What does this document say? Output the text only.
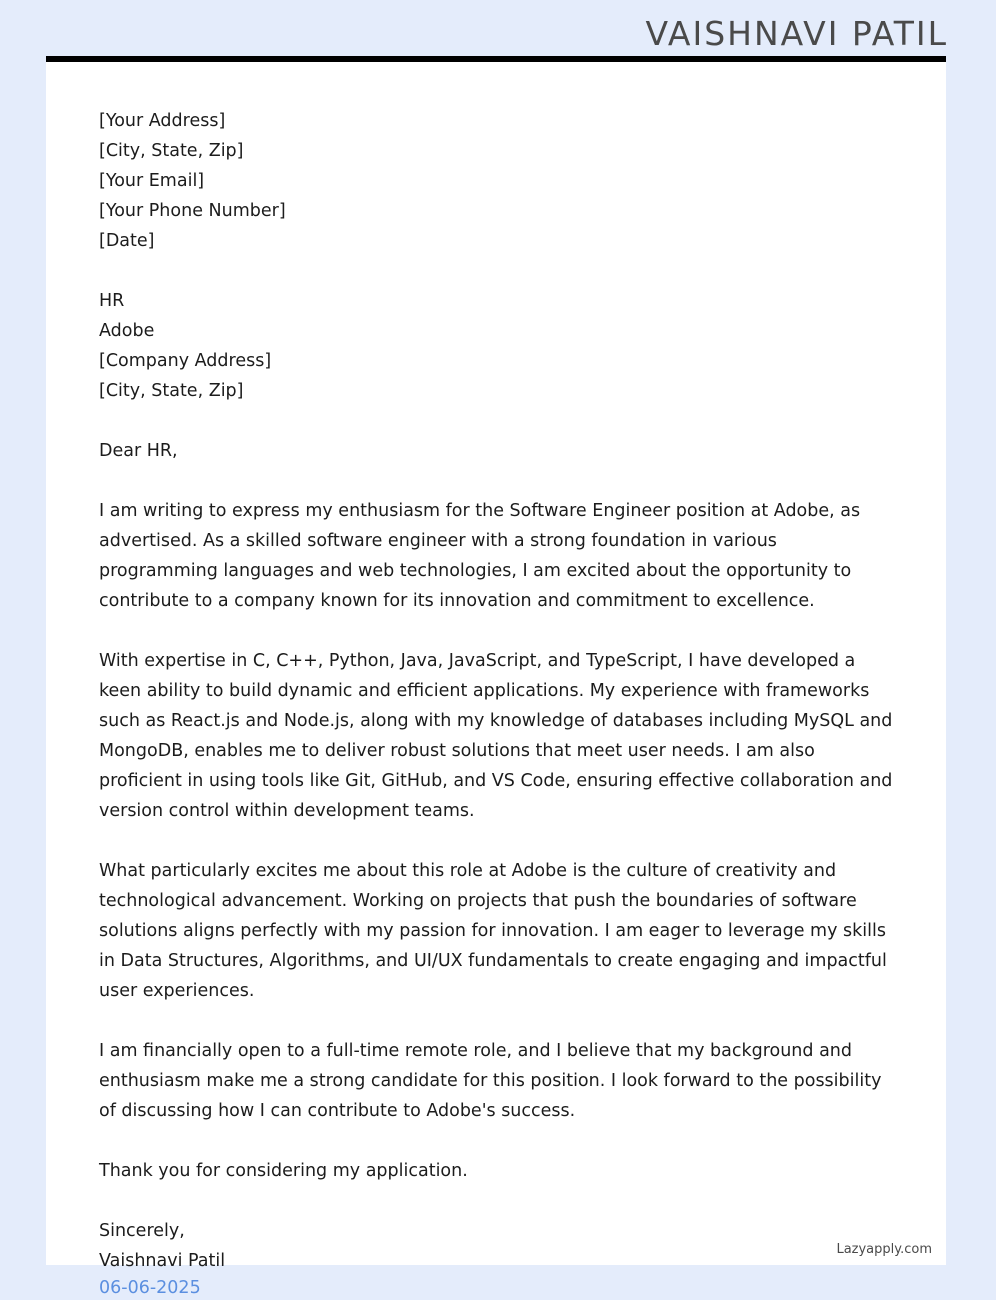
VAISHNAVI PATIL
[Your Address]
[City, State, Zip]
[Your Email]
[Your Phone Number]
[Date]
HR
Adobe
[Company Address]
[City, State, Zip]
Dear HR,
I am writing to express my enthusiasm for the Software Engineer position at Adobe, as advertised. As a skilled software engineer with a strong foundation in various programming languages and web technologies, I am excited about the opportunity to contribute to a company known for its innovation and commitment to excellence.
With expertise in C, C++, Python, Java, JavaScript, and TypeScript, I have developed a keen ability to build dynamic and efficient applications. My experience with frameworks such as React.js and Node.js, along with my knowledge of databases including MySQL and MongoDB, enables me to deliver robust solutions that meet user needs. I am also proficient in using tools like Git, GitHub, and VS Code, ensuring effective collaboration and version control within development teams.
What particularly excites me about this role at Adobe is the culture of creativity and technological advancement. Working on projects that push the boundaries of software solutions aligns perfectly with my passion for innovation. I am eager to leverage my skills in Data Structures, Algorithms, and UI/UX fundamentals to create engaging and impactful user experiences.
I am financially open to a full-time remote role, and I believe that my background and enthusiasm make me a strong candidate for this position. I look forward to the possibility of discussing how I can contribute to Adobe's success.
Thank you for considering my application.
Sincerely,
Vaishnavi Patil
Lazyapply.com
06-06-2025
